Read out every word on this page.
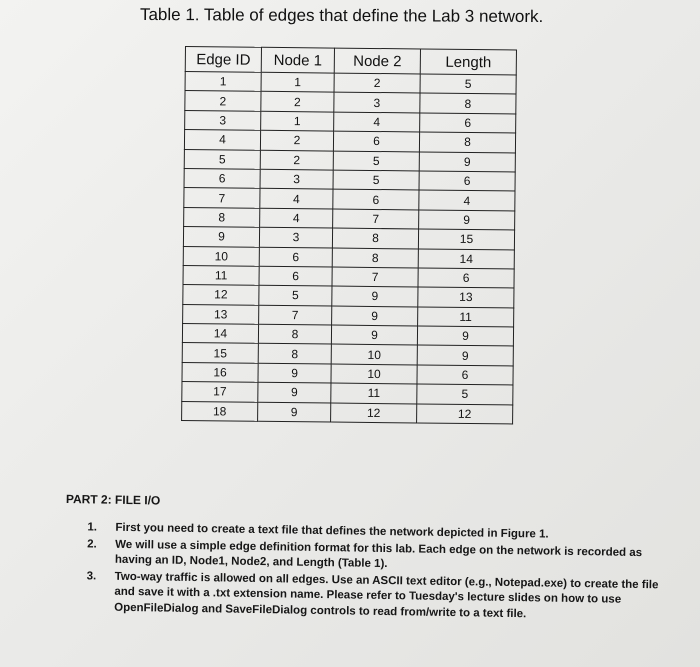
Table 1. Table of edges that define the Lab 3 network.
Edge ID	Node 1	Node 2	Length
1	1	2	5
2	2	3	8
3	1	4	6
4	2	6	8
5	2	5	9
6	3	5	6
7	4	6	4
8	4	7	9
9	3	8	15
10	6	8	14
11	6	7	6
12	5	9	13
13	7	9	11
14	8	9	9
15	8	10	9
16	9	10	6
17	9	11	5
18	9	12	12
PART 2: FILE I/O
1. First you need to create a text file that defines the network depicted in Figure 1.
2. We will use a simple edge definition format for this lab. Each edge on the network is recorded as having an ID, Node1, Node2, and Length (Table 1).
3. Two-way traffic is allowed on all edges. Use an ASCII text editor (e.g., Notepad.exe) to create the file and save it with a .txt extension name. Please refer to Tuesday's lecture slides on how to use OpenFileDialog and SaveFileDialog controls to read from/write to a text file.
